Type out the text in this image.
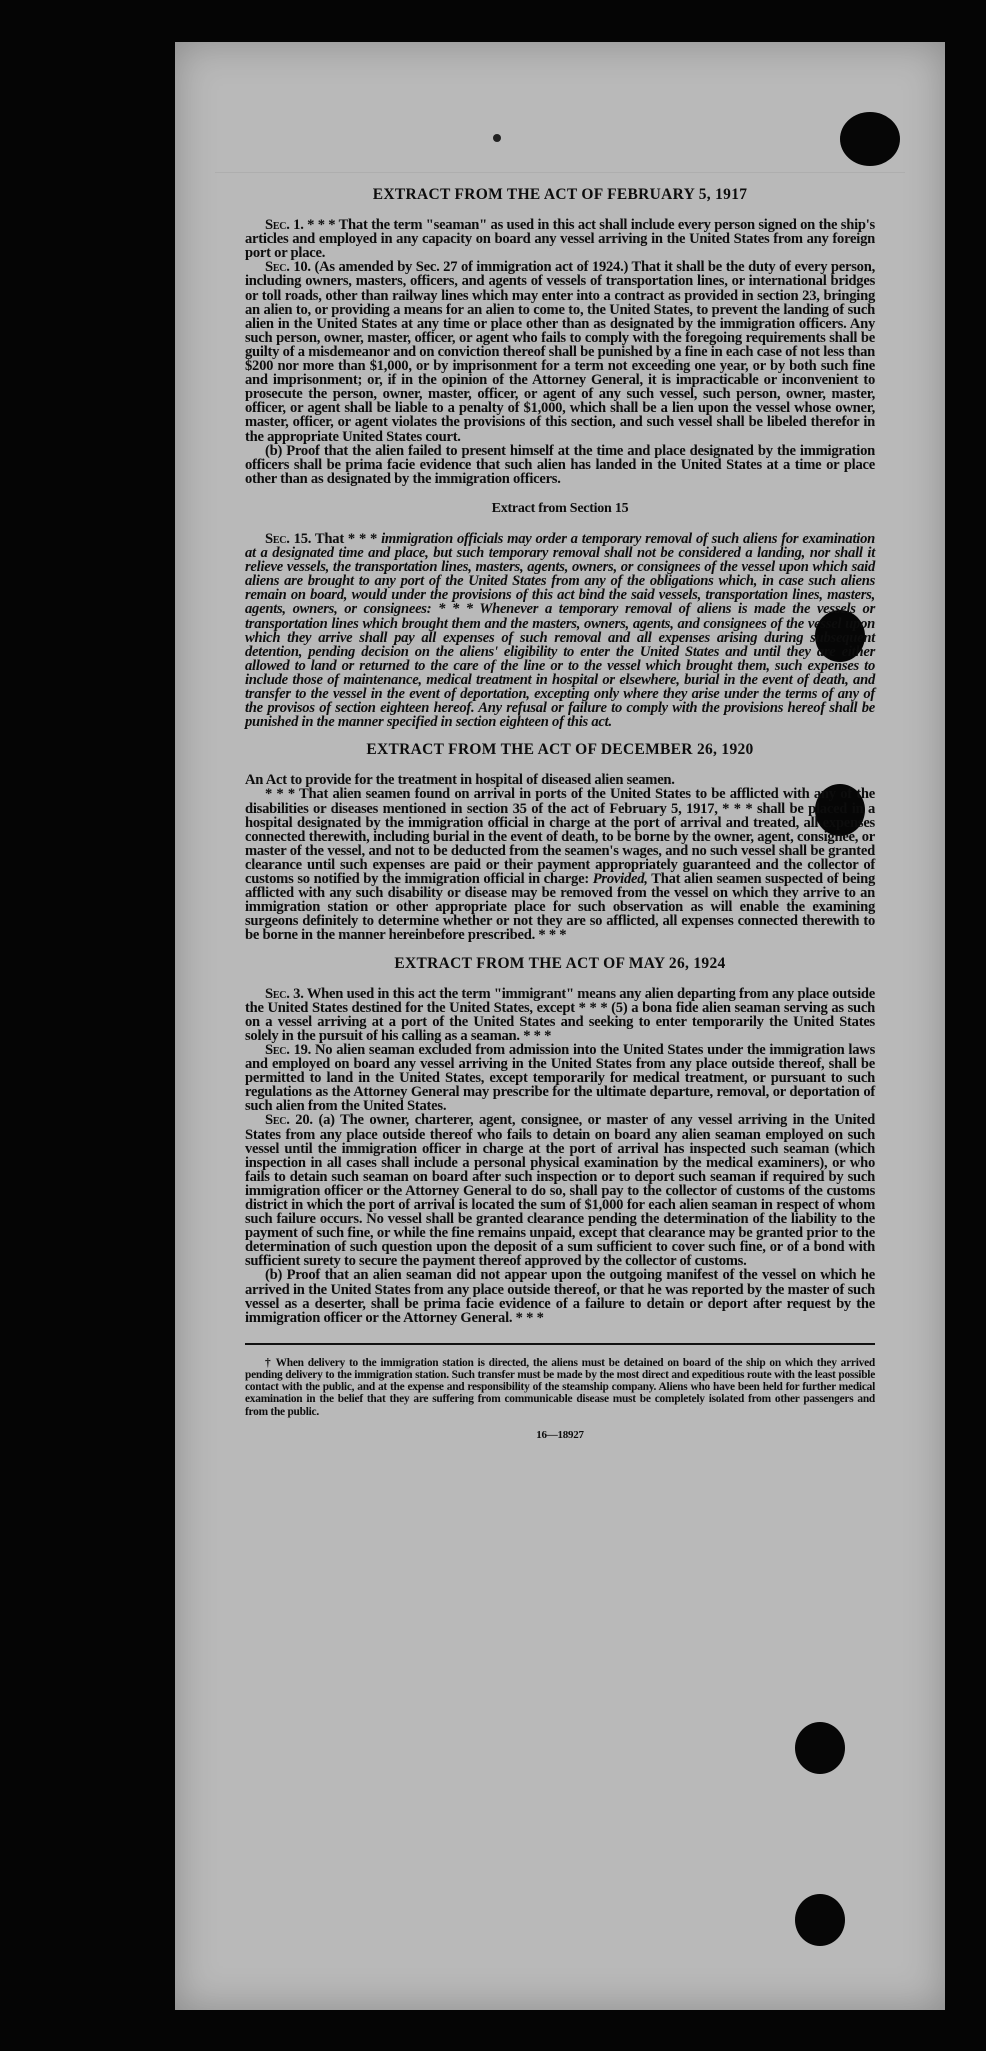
EXTRACT FROM THE ACT OF FEBRUARY 5, 1917

Sec. 1. * * * That the term "seaman" as used in this act shall include every person signed on the ship's articles and employed in any capacity on board any vessel arriving in the United States from any foreign port or place.

Sec. 10. (As amended by Sec. 27 of immigration act of 1924.) That it shall be the duty of every person, including owners, masters, officers, and agents of vessels of transportation lines, or international bridges or toll roads, other than railway lines which may enter into a contract as provided in section 23, bringing an alien to, or providing a means for an alien to come to, the United States, to prevent the landing of such alien in the United States at any time or place other than as designated by the immigration officers. Any such person, owner, master, officer, or agent who fails to comply with the foregoing requirements shall be guilty of a misdemeanor and on conviction thereof shall be punished by a fine in each case of not less than $200 nor more than $1,000, or by imprisonment for a term not exceeding one year, or by both such fine and imprisonment; or, if in the opinion of the Attorney General, it is impracticable or inconvenient to prosecute the person, owner, master, officer, or agent of any such vessel, such person, owner, master, officer, or agent shall be liable to a penalty of $1,000, which shall be a lien upon the vessel whose owner, master, officer, or agent violates the provisions of this section, and such vessel shall be libeled therefor in the appropriate United States court.

(b) Proof that the alien failed to present himself at the time and place designated by the immigration officers shall be prima facie evidence that such alien has landed in the United States at a time or place other than as designated by the immigration officers.

Extract from Section 15

Sec. 15. That * * * immigration officials may order a temporary removal of such aliens for examination at a designated time and place, but such temporary removal shall not be considered a landing, nor shall it relieve vessels, the transportation lines, masters, agents, owners, or consignees of the vessel upon which said aliens are brought to any port of the United States from any of the obligations which, in case such aliens remain on board, would under the provisions of this act bind the said vessels, transportation lines, masters, agents, owners, or consignees: * * * Whenever a temporary removal of aliens is made the vessels or transportation lines which brought them and the masters, owners, agents, and consignees of the vessel upon which they arrive shall pay all expenses of such removal and all expenses arising during subsequent detention, pending decision on the aliens' eligibility to enter the United States and until they are either allowed to land or returned to the care of the line or to the vessel which brought them, such expenses to include those of maintenance, medical treatment in hospital or elsewhere, burial in the event of death, and transfer to the vessel in the event of deportation, excepting only where they arise under the terms of any of the provisos of section eighteen hereof. Any refusal or failure to comply with the provisions hereof shall be punished in the manner specified in section eighteen of this act.

EXTRACT FROM THE ACT OF DECEMBER 26, 1920

An Act to provide for the treatment in hospital of diseased alien seamen.

* * * That alien seamen found on arrival in ports of the United States to be afflicted with any of the disabilities or diseases mentioned in section 35 of the act of February 5, 1917, * * * shall be placed in a hospital designated by the immigration official in charge at the port of arrival and treated, all expenses connected therewith, including burial in the event of death, to be borne by the owner, agent, consignee, or master of the vessel, and not to be deducted from the seamen's wages, and no such vessel shall be granted clearance until such expenses are paid or their payment appropriately guaranteed and the collector of customs so notified by the immigration official in charge: Provided, That alien seamen suspected of being afflicted with any such disability or disease may be removed from the vessel on which they arrive to an immigration station or other appropriate place for such observation as will enable the examining surgeons definitely to determine whether or not they are so afflicted, all expenses connected therewith to be borne in the manner hereinbefore prescribed. * * *

EXTRACT FROM THE ACT OF MAY 26, 1924

Sec. 3. When used in this act the term "immigrant" means any alien departing from any place outside the United States destined for the United States, except * * * (5) a bona fide alien seaman serving as such on a vessel arriving at a port of the United States and seeking to enter temporarily the United States solely in the pursuit of his calling as a seaman. * * *

Sec. 19. No alien seaman excluded from admission into the United States under the immigration laws and employed on board any vessel arriving in the United States from any place outside thereof, shall be permitted to land in the United States, except temporarily for medical treatment, or pursuant to such regulations as the Attorney General may prescribe for the ultimate departure, removal, or deportation of such alien from the United States.

Sec. 20. (a) The owner, charterer, agent, consignee, or master of any vessel arriving in the United States from any place outside thereof who fails to detain on board any alien seaman employed on such vessel until the immigration officer in charge at the port of arrival has inspected such seaman (which inspection in all cases shall include a personal physical examination by the medical examiners), or who fails to detain such seaman on board after such inspection or to deport such seaman if required by such immigration officer or the Attorney General to do so, shall pay to the collector of customs of the customs district in which the port of arrival is located the sum of $1,000 for each alien seaman in respect of whom such failure occurs. No vessel shall be granted clearance pending the determination of the liability to the payment of such fine, or while the fine remains unpaid, except that clearance may be granted prior to the determination of such question upon the deposit of a sum sufficient to cover such fine, or of a bond with sufficient surety to secure the payment thereof approved by the collector of customs.

(b) Proof that an alien seaman did not appear upon the outgoing manifest of the vessel on which he arrived in the United States from any place outside thereof, or that he was reported by the master of such vessel as a deserter, shall be prima facie evidence of a failure to detain or deport after request by the immigration officer or the Attorney General. * * *

† When delivery to the immigration station is directed, the aliens must be detained on board of the ship on which they arrived pending delivery to the immigration station. Such transfer must be made by the most direct and expeditious route with the least possible contact with the public, and at the expense and responsibility of the steamship company. Aliens who have been held for further medical examination in the belief that they are suffering from communicable disease must be completely isolated from other passengers and from the public.

16—18927
